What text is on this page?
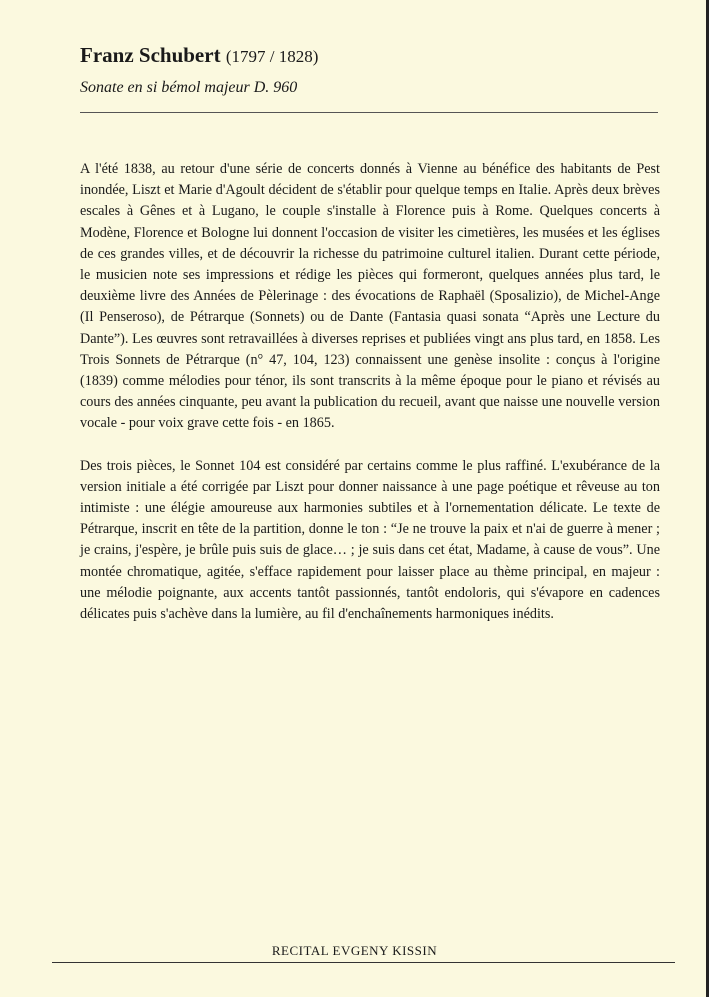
Franz Schubert (1797 / 1828)
Sonate en si bémol majeur D. 960

A l'été 1838, au retour d'une série de concerts donnés à Vienne au bénéfice des habitants de Pest inondée, Liszt et Marie d'Agoult décident de s'établir pour quelque temps en Italie. Après deux brèves escales à Gênes et à Lugano, le couple s'installe à Florence puis à Rome. Quelques concerts à Modène, Florence et Bologne lui donnent l'occasion de visiter les cimetières, les musées et les églises de ces grandes villes, et de découvrir la richesse du patrimoine culturel italien. Durant cette période, le musicien note ses impressions et rédige les pièces qui formeront, quelques années plus tard, le deuxième livre des Années de Pèlerinage : des évocations de Raphaël (Sposalizio), de Michel-Ange (Il Penseroso), de Pétrarque (Sonnets) ou de Dante (Fantasia quasi sonata “Après une Lecture du Dante”). Les œuvres sont retravaillées à diverses reprises et publiées vingt ans plus tard, en 1858. Les Trois Sonnets de Pétrarque (n° 47, 104, 123) connaissent une genèse insolite : conçus à l'origine (1839) comme mélodies pour ténor, ils sont transcrits à la même époque pour le piano et révisés au cours des années cinquante, peu avant la publication du recueil, avant que naisse une nouvelle version vocale - pour voix grave cette fois - en 1865.

Des trois pièces, le Sonnet 104 est considéré par certains comme le plus raffiné. L'exubérance de la version initiale a été corrigée par Liszt pour donner naissance à une page poétique et rêveuse au ton intimiste : une élégie amoureuse aux harmonies subtiles et à l'ornementation délicate. Le texte de Pétrarque, inscrit en tête de la partition, donne le ton : “Je ne trouve la paix et n'ai de guerre à mener ; je crains, j'espère, je brûle puis suis de glace… ; je suis dans cet état, Madame, à cause de vous”. Une montée chromatique, agitée, s'efface rapidement pour laisser place au thème principal, en majeur : une mélodie poignante, aux accents tantôt passionnés, tantôt endoloris, qui s'évapore en cadences délicates puis s'achève dans la lumière, au fil d'enchaînements harmoniques inédits.

RECITAL EVGENY KISSIN
